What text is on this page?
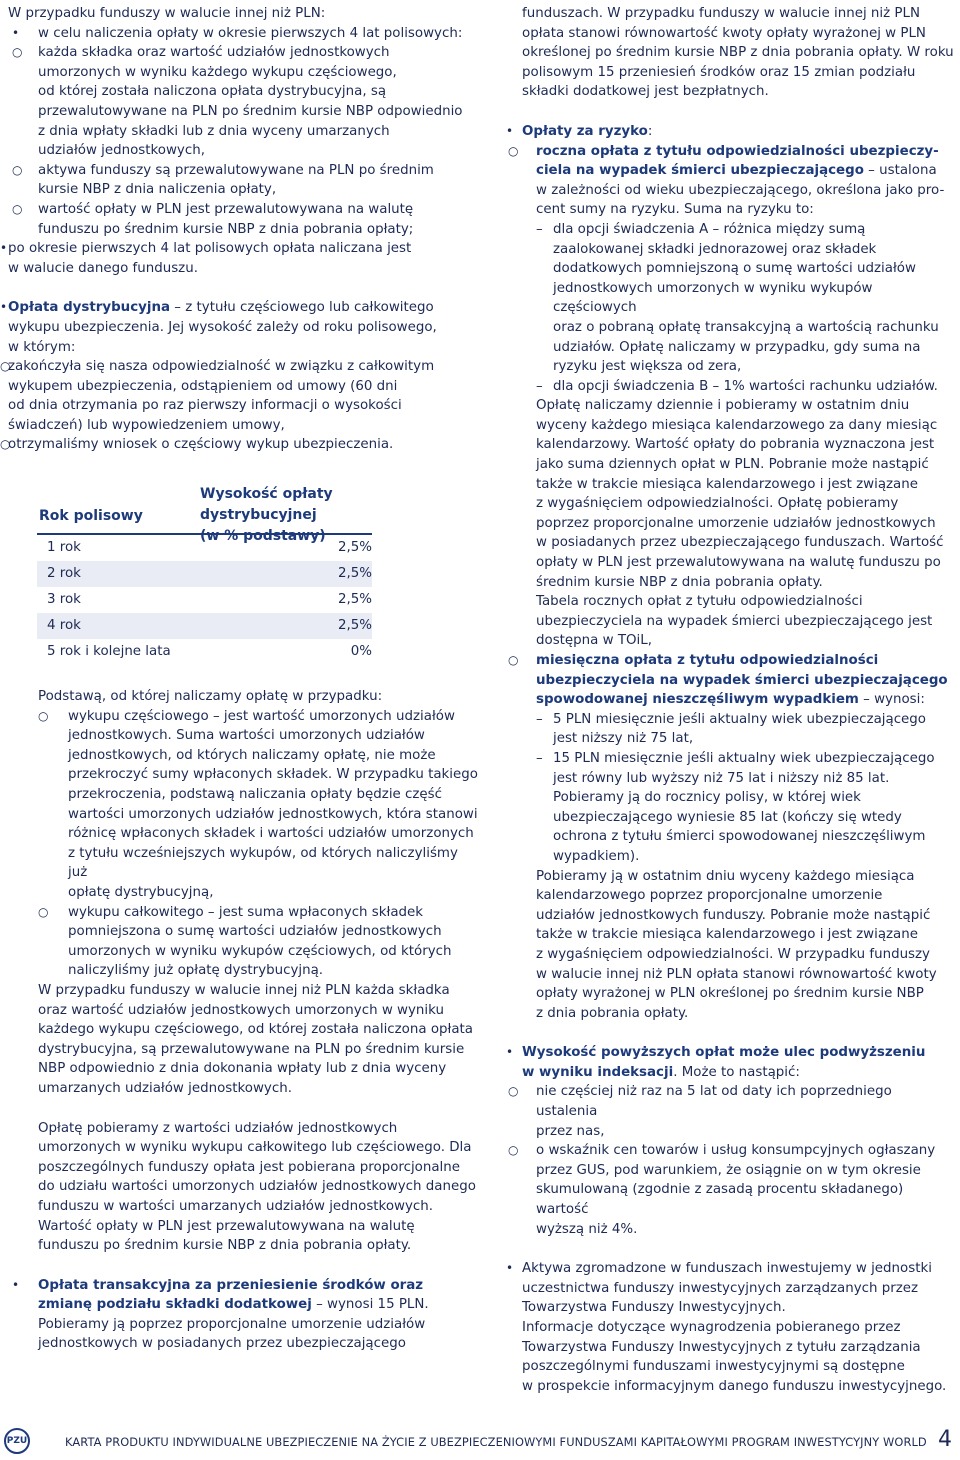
W przypadku funduszy w walucie innej niż PLN:

• w celu naliczenia opłaty w okresie pierwszych 4 lat polisowych:
○ każda składka oraz wartość udziałów jednostkowych
umorzonych w wyniku każdego wykupu częściowego,
od której została naliczona opłata dystrybucyjna, są
przewalutowywane na PLN po średnim kursie NBP odpowiednio
z dnia wpłaty składki lub z dnia wyceny umarzanych
udziałów jednostkowych,
○ aktywa funduszy są przewalutowywane na PLN po średnim
kursie NBP z dnia naliczenia opłaty,
○ wartość opłaty w PLN jest przewalutowywana na walutę
funduszu po średnim kursie NBP z dnia pobrania opłaty;
• po okresie pierwszych 4 lat polisowych opłata naliczana jest
w walucie danego funduszu.
• Opłata dystrybucyjna – z tytułu częściowego lub całkowitego
wykupu ubezpieczenia. Jej wysokość zależy od roku polisowego,
w którym:
○
zakończyła się nasza odpowiedzialność w związku z całkowitym
wykupem ubezpieczenia, odstąpieniem od umowy (60 dni
od dnia otrzymania po raz pierwszy informacji o wysokości
świadczeń) lub wypowiedzeniem umowy,
○
otrzymaliśmy wniosek o częściowy wykup ubezpieczenia.
Rok polisowy
Wysokość opłaty dystrybucyjnej
(w % podstawy)
1 rok	2,5%
2 rok	2,5%
3 rok	2,5%
4 rok	2,5%
5 rok i kolejne lata	0%
Podstawą, od której naliczamy opłatę w przypadku:
○ wykupu częściowego – jest wartość umorzonych udziałów
jednostkowych. Suma wartości umorzonych udziałów
jednostkowych, od których naliczamy opłatę, nie może
przekroczyć sumy wpłaconych składek. W przypadku takiego
przekroczenia, podstawą naliczania opłaty będzie część
wartości umorzonych udziałów jednostkowych, która stanowi
różnicę wpłaconych składek i wartości udziałów umorzonych
z tytułu wcześniejszych wykupów, od których naliczyliśmy już
opłatę dystrybucyjną,
○ wykupu całkowitego – jest suma wpłaconych składek
pomniejszona o sumę wartości udziałów jednostkowych
umorzonych w wyniku wykupów częściowych, od których
naliczyliśmy już opłatę dystrybucyjną.
W przypadku funduszy w walucie innej niż PLN każda składka
oraz wartość udziałów jednostkowych umorzonych w wyniku
każdego wykupu częściowego, od której została naliczona opłata
dystrybucyjna, są przewalutowywane na PLN po średnim kursie
NBP odpowiednio z dnia dokonania wpłaty lub z dnia wyceny
umarzanych udziałów jednostkowych.
Opłatę pobieramy z wartości udziałów jednostkowych
umorzonych w wyniku wykupu całkowitego lub częściowego. Dla
poszczególnych funduszy opłata jest pobierana proporcjonalne
do udziału wartości umorzonych udziałów jednostkowych danego
funduszu w wartości umarzanych udziałów jednostkowych.
Wartość opłaty w PLN jest przewalutowywana na walutę
funduszu po średnim kursie NBP z dnia pobrania opłaty.
• Opłata transakcyjna za przeniesienie środków oraz
zmianę podziału składki dodatkowej – wynosi 15 PLN.
Pobieramy ją poprzez proporcjonalne umorzenie udziałów
jednostkowych w posiadanych przez ubezpieczającego
funduszach. W przypadku funduszy w walucie innej niż PLN
opłata stanowi równowartość kwoty opłaty wyrażonej w PLN
określonej po średnim kursie NBP z dnia pobrania opłaty. W roku
polisowym 15 przeniesień środków oraz 15 zmian podziału
składki dodatkowej jest bezpłatnych.
• Opłaty za ryzyko:
○ roczna opłata z tytułu odpowiedzialności ubezpieczy-
ciela na wypadek śmierci ubezpieczającego – ustalona
w zależności od wieku ubezpieczającego, określona jako pro-
cent sumy na ryzyku. Suma na ryzyku to:
– dla opcji świadczenia A – różnica między sumą
zaalokowanej składki jednorazowej oraz składek
dodatkowych pomniejszoną o sumę wartości udziałów
jednostkowych umorzonych w wyniku wykupów częściowych
oraz o pobraną opłatę transakcyjną a wartością rachunku
udziałów. Opłatę naliczamy w przypadku, gdy suma na
ryzyku jest większa od zera,
– dla opcji świadczenia B – 1% wartości rachunku udziałów.
Opłatę naliczamy dziennie i pobieramy w ostatnim dniu
wyceny każdego miesiąca kalendarzowego za dany miesiąc
kalendarzowy. Wartość opłaty do pobrania wyznaczona jest
jako suma dziennych opłat w PLN. Pobranie może nastąpić
także w trakcie miesiąca kalendarzowego i jest związane
z wygaśnięciem odpowiedzialności. Opłatę pobieramy
poprzez proporcjonalne umorzenie udziałów jednostkowych
w posiadanych przez ubezpieczającego funduszach. Wartość
opłaty w PLN jest przewalutowywana na walutę funduszu po
średnim kursie NBP z dnia pobrania opłaty.
Tabela rocznych opłat z tytułu odpowiedzialności
ubezpieczyciela na wypadek śmierci ubezpieczającego jest
dostępna w TOiL,
○ miesięczna opłata z tytułu odpowiedzialności
ubezpieczyciela na wypadek śmierci ubezpieczającego
spowodowanej nieszczęśliwym wypadkiem – wynosi:
– 5 PLN miesięcznie jeśli aktualny wiek ubezpieczającego
jest niższy niż 75 lat,
– 15 PLN miesięcznie jeśli aktualny wiek ubezpieczającego
jest równy lub wyższy niż 75 lat i niższy niż 85 lat.
Pobieramy ją do rocznicy polisy, w której wiek
ubezpieczającego wyniesie 85 lat (kończy się wtedy
ochrona z tytułu śmierci spowodowanej nieszczęśliwym
wypadkiem).
Pobieramy ją w ostatnim dniu wyceny każdego miesiąca
kalendarzowego poprzez proporcjonalne umorzenie
udziałów jednostkowych funduszy. Pobranie może nastąpić
także w trakcie miesiąca kalendarzowego i jest związane
z wygaśnięciem odpowiedzialności. W przypadku funduszy
w walucie innej niż PLN opłata stanowi równowartość kwoty
opłaty wyrażonej w PLN określonej po średnim kursie NBP
z dnia pobrania opłaty.
• Wysokość powyższych opłat może ulec podwyższeniu
w wyniku indeksacji. Może to nastąpić:
○ nie częściej niż raz na 5 lat od daty ich poprzedniego ustalenia
przez nas,
○ o wskaźnik cen towarów i usług konsumpcyjnych ogłaszany
przez GUS, pod warunkiem, że osiągnie on w tym okresie
skumulowaną (zgodnie z zasadą procentu składanego) wartość
wyższą niż 4%.
• Aktywa zgromadzone w funduszach inwestujemy w jednostki
uczestnictwa funduszy inwestycyjnych zarządzanych przez
Towarzystwa Funduszy Inwestycyjnych.
Informacje dotyczące wynagrodzenia pobieranego przez
Towarzystwa Funduszy Inwestycyjnych z tytułu zarządzania
poszczególnymi funduszami inwestycyjnymi są dostępne
w prospekcie informacyjnym danego funduszu inwestycyjnego.
PZU	KARTA PRODUKTU INDYWIDUALNE UBEZPIECZENIE NA ŻYCIE Z UBEZPIECZENIOWYMI FUNDUSZAMI KAPITAŁOWYMI PROGRAM INWESTYCYJNY WORLD 4
